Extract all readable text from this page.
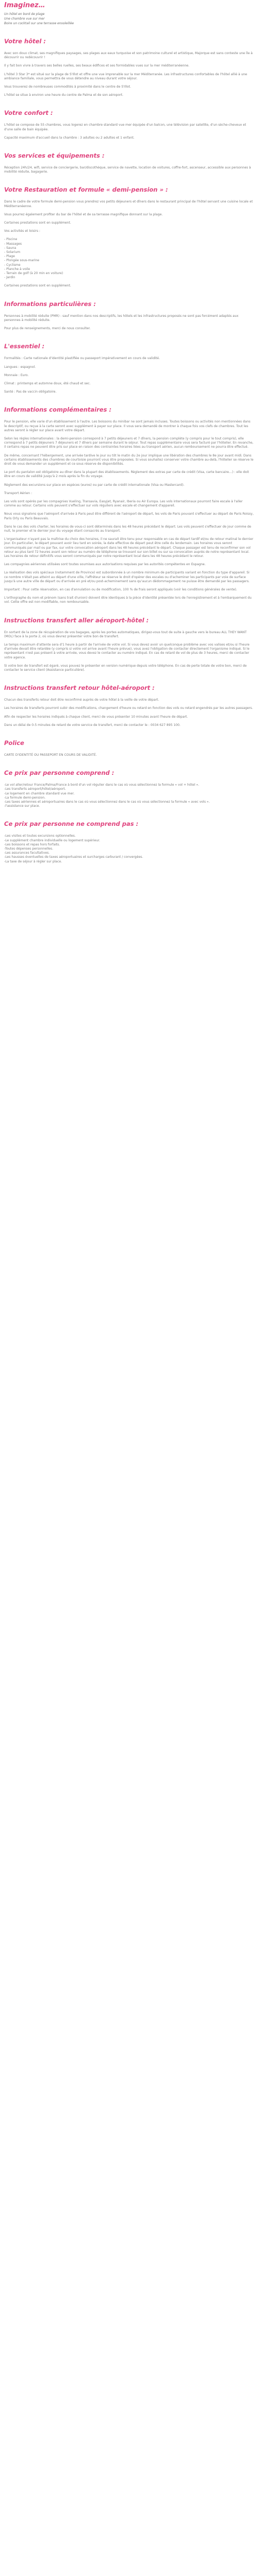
Imaginez…

Un hôtel en bord de plage

Une chambre vue sur mer

Boire un cocktail sur une terrasse ensoleillée

Votre hôtel :

Avec son doux climat, ses magnifiques paysages, ses plages aux eaux turquoise et son patrimoine culturel et artistique, Majorque est sans conteste une île à découvrir ou redécouvrir !

Il y fait bon vivre à travers ses belles ruelles, ses beaux édifices et ses formidables vues sur la mer méditerranéenne.

L'hôtel 3 Star 3* est situé sur la plage de S'Illot et offre une vue imprenable sur la mer Méditerranée. Les infrastructures confortables de l'hôtel allié à une ambiance familiale, vous permettra de vous détendre au niveau durant votre séjour.

Vous trouverez de nombreuses commodités à proximité dans le centre de S'Illot.

L'hôtel se situe à environ une heure du centre de Palma et de son aéroport.

Votre confort :

L'hôtel se compose de 55 chambres, vous logerez en chambre standard vue mer équipée d'un balcon, une télévision par satellite, d'un sèche-cheveux et d'une salle de bain équipée.

Capacité maximum d'accueil dans la chambre : 3 adultes ou 2 adultes et 1 enfant.

Vos services et équipements :

Réception 24h/24, wifi, service de conciergerie, bar/discothèque, service de navette, location de voitures, coffre-fort, ascenseur, accessible aux personnes à mobilité réduite, bagagerie.

Votre Restauration et formule « demi-pension » :

Dans le cadre de votre formule demi-pension vous prendrez vos petits déjeuners et dîners dans le restaurant principal de l'hôtel servant une cuisine locale et Méditerranéenne.

Vous pourrez également profiter du bar de l'hôtel et de sa terrasse magnifique donnant sur la plage.

Certaines prestations sont en supplément.

Vos activités et loisirs :

- Piscine
- Massages
- Sauna
- Solarium
- Plage
- Plongée sous-marine
- Cyclisme
- Planche à voile
- Terrain de golf (à 20 min en voiture)
- Jardin

Certaines prestations sont en supplément.

Informations particulières :

Personnes à mobilité réduite (PMR) : sauf mention dans nos descriptifs, les hôtels et les infrastructures proposés ne sont pas forcément adaptés aux personnes à mobilité réduite.

Pour plus de renseignements, merci de nous consulter.

L'essentiel :

Formalités : Carte nationale d'identité plastifiée ou passeport impérativement en cours de validité.

Langues : espagnol.

Monnaie : Euro.

Climat : printemps et automne doux, été chaud et sec.

Santé : Pas de vaccin obligatoire.

Informations complémentaires :

Pour le pension, elle varie d'un établissement à l'autre. Les boissons du minibar ne sont jamais incluses. Toutes boissons ou activités non mentionnées dans le descriptif, ou reçue à la carte seront avec supplément à payer sur place. Il vous sera demandé de montrer à chaque fois vos clefs de chambres. Tout les autres seront à régler sur place avant votre départ.

Selon les règles internationales : la demi-pension correspond à 7 petits déjeuners et 7 dîners, la pension complète (y compris pour le tout compris), elle correspond à 7 petits déjeuners 7 déjeuners et 7 dîners par semaine durant le séjour. Tout repas supplémentaire vous sera facturé par l'hôtelier. En revanche, il certains repas ne peuvent être pris sur place en raison des contraintes horaires liées au transport aérien, aucun remboursement ne pourra être effectué.

De même, concernant l'hébergement, une arrivée tardive le jour ou tôt le matin du 2e jour implique une libération des chambres le 8e jour avant midi. Dans certains établissements des chambres de courtoisie pourront vous être proposées. Si vous souhaitez conserver votre chambre au-delà, l'hôtelier se réserve le droit de vous demander un supplément et ce sous réserve de disponibilités.

Le port du pantalon est obligatoire au dîner dans la plupart des établissements. Règlement des extras par carte de crédit (Visa, carte bancaire…) : elle doit être en cours de validité jusqu'à 2 mois après la fin du voyage.

Règlement des excursions sur place en espèces (euros) ou par carte de crédit internationale (Visa ou Mastercard).

Transport Aérien :

Les vols sont opérés par les compagnies Vueling, Transavia, Easyjet, Ryanair, Iberia ou Air Europa. Les vols internationaux pourront faire escale à l'aller comme au retour. Certains vols peuvent s'effectuer sur vols réguliers avec escale et changement d'appareil.

Nous vous signalons que l'aéroport d'arrivée à Paris peut être différent de l'aéroport de départ, les vols de Paris pouvant s'effectuer au départ de Paris Roissy, Paris Orly ou Paris Beauvais.

Dans le cas des vols charter, les horaires de vous-ci sont déterminés dans les 48 heures précédant le départ. Les vols peuvent s'effectuer de jour comme de nuit, le premier et le dernier jour du voyage étant consacrés au transport.

L'organisateur n'ayant pas la maîtrise du choix des horaires, il ne saurait être tenu pour responsable en cas de départ tardif et/ou de retour matinal le dernier jour. En particulier, le départ pouvant avoir lieu tard en soirée, la date effective de départ peut être celle du lendemain. Les horaires vous seront communiqués par mail ou par fax, sur votre convocation aéroport dans les 48 heures précédant le départ. Chaque passager est tenu de reconfirmer son vol retour au plus tard 72 heures avant son retour au numéro de téléphone se trouvant sur son billet ou sur sa convocation auprès de notre représentant local. Les horaires de retour définitifs vous seront communiqués par notre représentant local dans les 48 heures précédant le retour.

Les compagnies aériennes utilisées sont toutes soumises aux autorisations requises par les autorités compétentes en Espagne.

La réalisation des vols spéciaux (notamment de Province) est subordonnée à un nombre minimum de participants variant en fonction du type d'appareil. Si ce nombre n'était pas atteint au départ d'une ville, l'affréteur se réserve le droit d'opérer des escales ou d'acheminer les participants par voie de surface jusqu'à une autre ville de départ ou d'arrivée en pré et/ou post-acheminement sans qu'aucun dédommagement ne puisse être demandé par les passagers.

Important : Pour cette réservation, en cas d'annulation ou de modification, 100 % de frais seront appliqués (voir les conditions générales de vente).

L'orthographe du nom et prénom (sans trait d'union) doivent être identiques à la pièce d'identité présentée lors de l'enregistrement et à l'embarquement du vol. Cette offre est non modifiable, non remboursable.

Instructions transfert aller aéroport-hôtel :

En sortant de la zone de récupération de vos bagages, après les portes automatiques, dirigez-vous tout de suite à gauche vers le bureau ALL THEY WANT (MOL) face à la porte 2, où vous devrez présenter votre bon de transfert.

Le temps maximum d'attente sera d'1 heure à partir de l'arrivée de votre vol. Si vous devez avoir un quelconque problème avec vos valises et/ou si l'heure d'arrivée devait être retardée (y compris si votre vol arrive avant l'heure prévue), vous avez l'obligation de contacter directement l'organisme indiqué. Si le représentant n'est pas présent à votre arrivée, vous devez le contacter au numéro indiqué. En cas de retard de vol de plus de 3 heures, merci de contacter votre agence.

Si votre bon de transfert est égaré, vous pouvez le présenter en version numérique depuis votre téléphone. En cas de perte totale de votre bon, merci de contacter le service client (Assistance particulière).

Instructions transfert retour hôtel-aéroport :

Chacun des transferts retour doit être reconfirmé auprès de votre hôtel à la veille de votre départ.

Les horaires de transferts pourront subir des modifications, changement d'heure ou retard en fonction des vols ou retard engendrés par les autres passagers.

Afin de respecter les horaires indiqués à chaque client, merci de vous présenter 10 minutes avant l'heure de départ.

Dans un délai de 0-5 minutes de retard de votre service de transfert, merci de contacter le : 0034 627 895 100.

Police

CARTE D'IDENTITÉ OU PASSEPORT EN COURS DE VALIDITÉ.

Ce prix par personne comprend :

-Le vol aller/retour France/Palma/France à bord d'un vol régulier dans le cas où vous sélectionnez la formule « vol + hôtel ».
-Les transferts aéroport/hôtel/aéroport.
-Le logement en chambre standard vue mer.
-La formule demi-pension.
-Les taxes aériennes et aéroportuaires dans le cas où vous sélectionnez dans le cas où vous sélectionnez la formule « avec vols ».
-l'assistance sur place.

Ce prix par personne ne comprend pas :

-Les visites et toutes excursions optionnelles.
-Le supplément chambre individuelle ou logement supérieur.
-Les boissons et repas hors forfaits.
-Toutes dépenses personnelles.
-Les assurances facultatives.
-Les hausses éventuelles de taxes aéroportuaires et surcharges carburant / convergées.
-La taxe de séjour à régler sur place.
